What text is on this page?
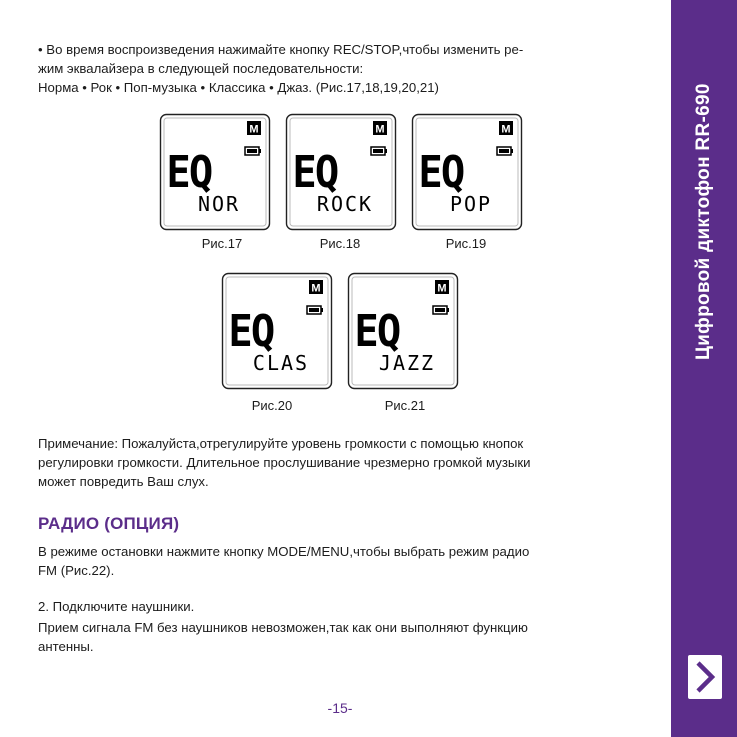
• Во время воспроизведения нажимайте кнопку REC/STOP,чтобы изменить ре-
жим эквалайзера в следующей последовательности:
Норма • Рок • Поп-музыка • Классика • Джаз. (Рис.17,18,19,20,21)
M
EQ
NOR
M
EQ
ROCK
M
EQ
POP
M
EQ
CLAS
M
EQ
JAZZ
Рис.17	Рис.18	Рис.19
Рис.20	Рис.21
Примечание: Пожалуйста,отрегулируйте уровень громкости с помощью кнопок
регулировки громкости. Длительное прослушивание чрезмерно громкой музыки
может повредить Ваш слух.
РАДИО (ОПЦИЯ)
В режиме остановки нажмите кнопку MODE/MENU,чтобы выбрать режим радио
FM (Рис.22).
2. Подключите наушники.
Прием сигнала FM без наушников невозможен,так как они выполняют функцию
антенны.
-15-
Цифровой диктофон RR-690
